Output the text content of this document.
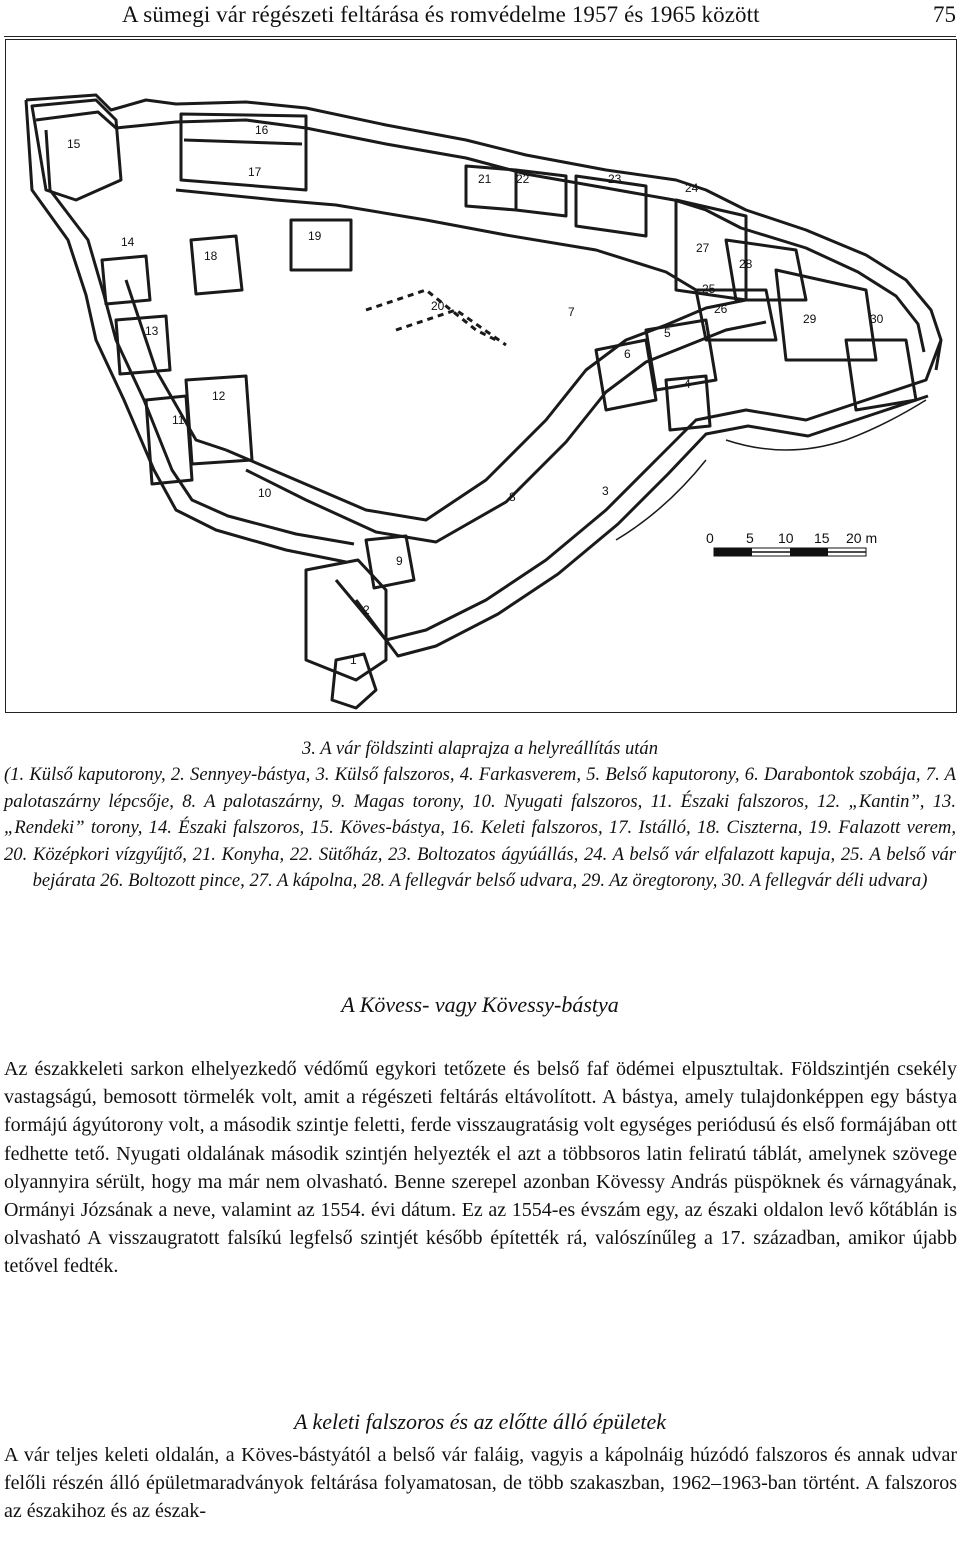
A sümegi vár régészeti feltárása és romvédelme 1957 és 1965 között	75
1
2
3
4
5
6
7
8
9
10
11
12
13
14
15
16
17
18
19
20
21 22	23
24
25
26
27
28
29	30
0 5 10 15 20 m
3. A vár földszinti alaprajza a helyreállítás után
(1. Külső kaputorony, 2. Sennyey-bástya, 3. Külső falszoros, 4. Farkasverem, 5. Belső kaputorony, 6. Darabontok szobája, 7. A palotaszárny lépcsője, 8. A palotaszárny, 9. Magas torony, 10. Nyugati falszoros, 11. Északi falszoros, 12. „Kantin”, 13. „Rendeki” torony, 14. Északi falszoros, 15. Köves-bástya, 16. Keleti falszoros, 17. Istálló, 18. Ciszterna, 19. Falazott verem, 20. Középkori vízgyűjtő, 21. Konyha, 22. Sütőház, 23. Boltozatos ágyúállás, 24. A belső vár elfalazott kapuja, 25. A belső vár bejárata 26. Boltozott pince, 27. A kápolna, 28. A fellegvár belső udvara, 29. Az öregtorony, 30. A fellegvár déli udvara)
A Kövess- vagy Kövessy-bástya

Az északkeleti sarkon elhelyezkedő védőmű egykori tetőzete és belső faf ödémei elpusztultak. Földszintjén csekély vastagságú, bemosott törmelék volt, amit a régészeti feltárás eltávolított. A bástya, amely tulajdonképpen egy bástya formájú ágyútorony volt, a második szintje feletti, ferde visszaugratásig volt egységes periódusú és első formájában ott fedhette tető. Nyugati oldalának második szintjén helyezték el azt a többsoros latin feliratú táblát, amelynek szövege olyannyira sérült, hogy ma már nem olvasható. Benne szerepel azonban Kövessy András püspöknek és várnagyának, Ormányi Józsának a neve, valamint az 1554. évi dátum. Ez az 1554-es évszám egy, az északi oldalon levő kőtáblán is olvasható A visszaugratott falsíkú legfelső szintjét később építették rá, valószínűleg a 17. században, amikor újabb tetővel fedték.

A keleti falszoros és az előtte álló épületek

A vár teljes keleti oldalán, a Köves-bástyától a belső vár faláig, vagyis a kápolnáig húzódó falszoros és annak udvar felőli részén álló épületmaradványok feltárása folyamatosan, de több szakaszban, 1962–1963-ban történt. A falszoros az északihoz és az észak-
